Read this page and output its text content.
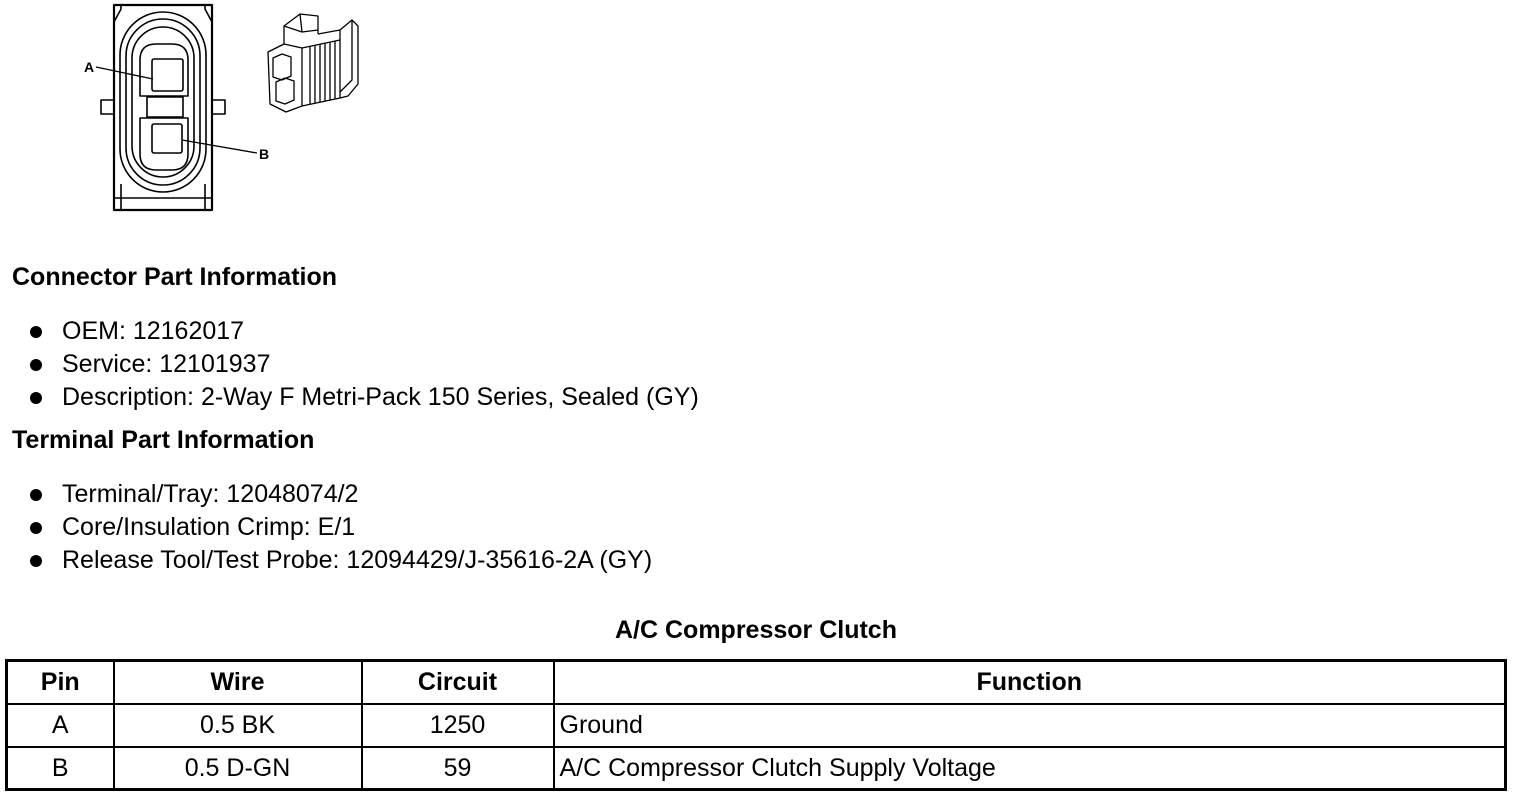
A
B
Connector Part Information
OEM: 12162017
Service: 12101937
Description: 2-Way F Metri-Pack 150 Series, Sealed (GY)
Terminal Part Information
Terminal/Tray: 12048074/2
Core/Insulation Crimp: E/1
Release Tool/Test Probe: 12094429/J-35616-2A (GY)
A/C Compressor Clutch
Pin	Wire	Circuit	Function
A	0.5 BK	1250	Ground
B	0.5 D-GN	59	A/C Compressor Clutch Supply Voltage
